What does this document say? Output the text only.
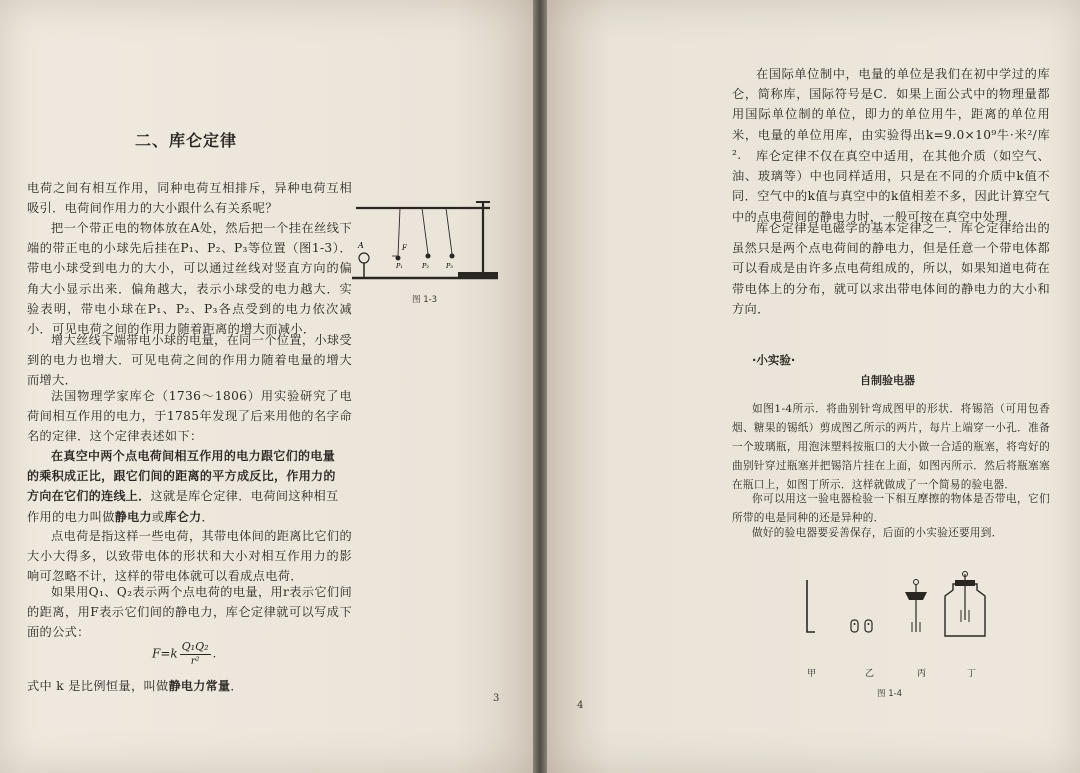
二、库仑定律
电荷之间有相互作用，同种电荷互相排斥，异种电荷互相吸引．电荷间作用力的大小跟什么有关系呢？
把一个带正电的物体放在A处，然后把一个挂在丝线下端的带正电的小球先后挂在P₁、P₂、P₃等位置（图1-3）．带电小球受到电力的大小，可以通过丝线对竖直方向的偏角大小显示出来．偏角越大，表示小球受的电力越大．实验表明，带电小球在P₁、P₂、P₃各点受到的电力依次减小．可见电荷之间的作用力随着距离的增大而减小．
增大丝线下端带电小球的电量，在同一个位置，小球受到的电力也增大．可见电荷之间的作用力随着电量的增大而增大．
法国物理学家库仑（1736～1806）用实验研究了电荷间相互作用的电力，于1785年发现了后来用他的名字命名的定律．这个定律表述如下：
在真空中两个点电荷间相互作用的电力跟它们的电量
的乘积成正比，跟它们间的距离的平方成反比，作用力的
方向在它们的连线上．这就是库仑定律．电荷间这种相互
作用的电力叫做静电力或库仑力．
点电荷是指这样一些电荷，其带电体间的距离比它们的大小大得多，以致带电体的形状和大小对相互作用力的影响可忽略不计，这样的带电体就可以看成点电荷．
如果用Q₁、Q₂表示两个点电荷的电量，用r表示它们间的距离，用F表示它们间的静电力，库仑定律就可以写成下面的公式：
$F=k \frac{\text{Q₁Q₂}}{\text{r²}}$ .
式中 k 是比例恒量，叫做静电力常量．
A	F
P₁	P₂	P₃
图 1-3
3
在国际单位制中，电量的单位是我们在初中学过的库仑，简称库，国际符号是C．如果上面公式中的物理量都用国际单位制的单位，即力的单位用牛，距离的单位用米，电量的单位用库，由实验得出k=9.0×10⁹牛·米²/库².	库仑定律不仅在真空中适用，在其他介质（如空气、油、玻璃等）中也同样适用，只是在不同的介质中k值不同．空气中的k值与真空中的k值相差不多，因此计算空气中的点电荷间的静电力时，一般可按在真空中处理．
库仑定律是电磁学的基本定律之一．库仑定律给出的虽然只是两个点电荷间的静电力，但是任意一个带电体都可以看成是由许多点电荷组成的，所以，如果知道电荷在带电体上的分布，就可以求出带电体间的静电力的大小和方向．
·小实验·
自制验电器
如图1-4所示．将曲别针弯成图甲的形状．将锡箔（可用包香烟、糖果的锡纸）剪成图乙所示的两片，每片上端穿一小孔．准备一个玻璃瓶，用泡沫塑料按瓶口的大小做一合适的瓶塞，将弯好的曲别针穿过瓶塞并把锡箔片挂在上面，如图丙所示．然后将瓶塞塞在瓶口上，如图丁所示．这样就做成了一个简易的验电器．
你可以用这一验电器检验一下相互摩擦的物体是否带电，它们所带的电是同种的还是异种的．
做好的验电器要妥善保存，后面的小实验还要用到．
甲	乙	丙	丁
图 1-4
4
